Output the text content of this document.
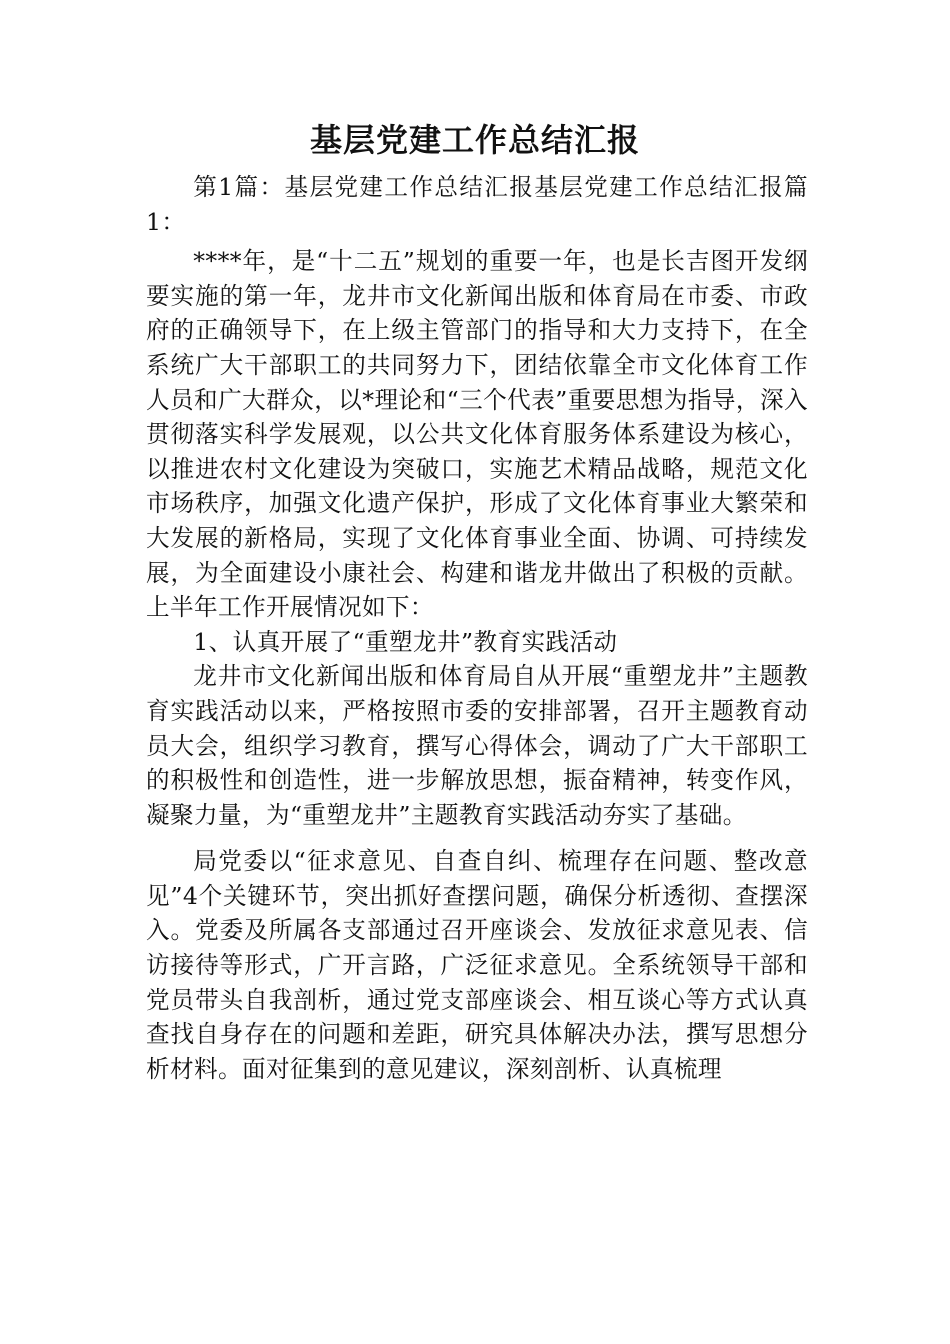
基层党建工作总结汇报

第1篇：基层党建工作总结汇报基层党建工作总结汇报篇1：

****年，是“十二五”规划的重要一年，也是长吉图开发纲要实施的第一年，龙井市文化新闻出版和体育局在市委、市政府的正确领导下，在上级主管部门的指导和大力支持下，在全系统广大干部职工的共同努力下，团结依靠全市文化体育工作人员和广大群众，以*理论和“三个代表”重要思想为指导，深入贯彻落实科学发展观，以公共文化体育服务体系建设为核心，以推进农村文化建设为突破口，实施艺术精品战略，规范文化市场秩序，加强文化遗产保护，形成了文化体育事业大繁荣和大发展的新格局，实现了文化体育事业全面、协调、可持续发展，为全面建设小康社会、构建和谐龙井做出了积极的贡献。上半年工作开展情况如下：

1、认真开展了“重塑龙井”教育实践活动

龙井市文化新闻出版和体育局自从开展“重塑龙井”主题教育实践活动以来，严格按照市委的安排部署，召开主题教育动员大会，组织学习教育，撰写心得体会，调动了广大干部职工的积极性和创造性，进一步解放思想，振奋精神，转变作风，凝聚力量，为“重塑龙井”主题教育实践活动夯实了基础。

局党委以“征求意见、自查自纠、梳理存在问题、整改意见”4个关键环节，突出抓好查摆问题，确保分析透彻、查摆深入。党委及所属各支部通过召开座谈会、发放征求意见表、信访接待等形式，广开言路，广泛征求意见。全系统领导干部和党员带头自我剖析，通过党支部座谈会、相互谈心等方式认真查找自身存在的问题和差距，研究具体解决办法，撰写思想分析材料。面对征集到的意见建议，深刻剖析、认真梳理
